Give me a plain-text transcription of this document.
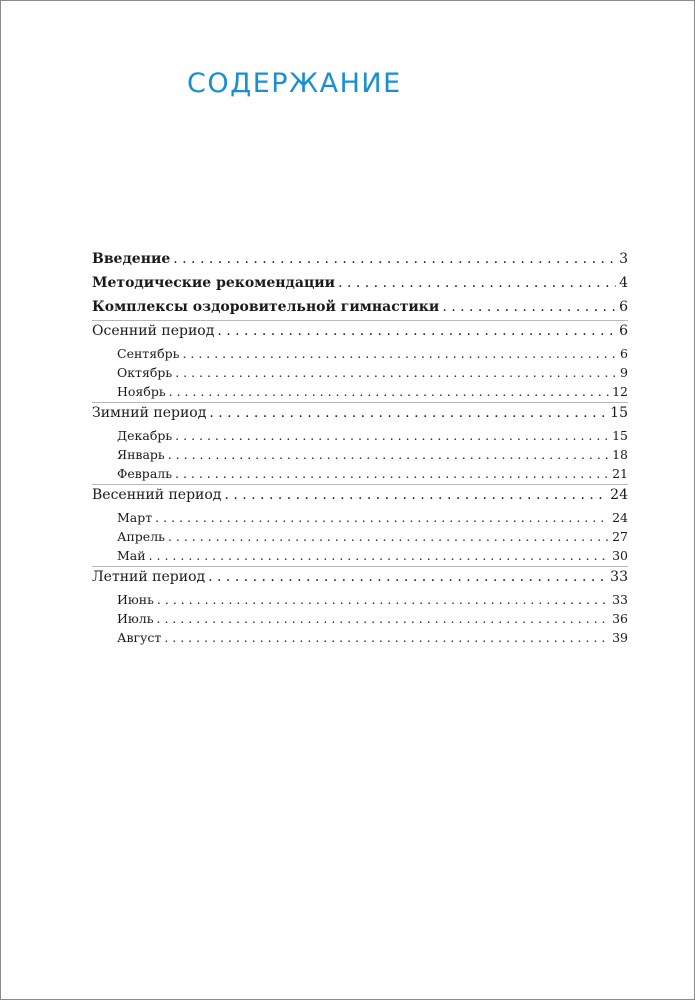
СОДЕРЖАНИЕ
Введение . . .	3
Методические рекомендации . . .	4
Комплексы оздоровительной гимнастики . . .	6
Осенний период . . .	6
Сентябрь . . .	6
Октябрь . . .	9
Ноябрь . . .	12
Зимний период . . .	15
Декабрь . . .	15
Январь . . .	18
Февраль . . .	21
Весенний период . . .	24
Март . . .	24
Апрель . . .	27
Май . . .	30
Летний период . . .	33
Июнь . . .	33
Июль . . .	36
Август . . .	39
